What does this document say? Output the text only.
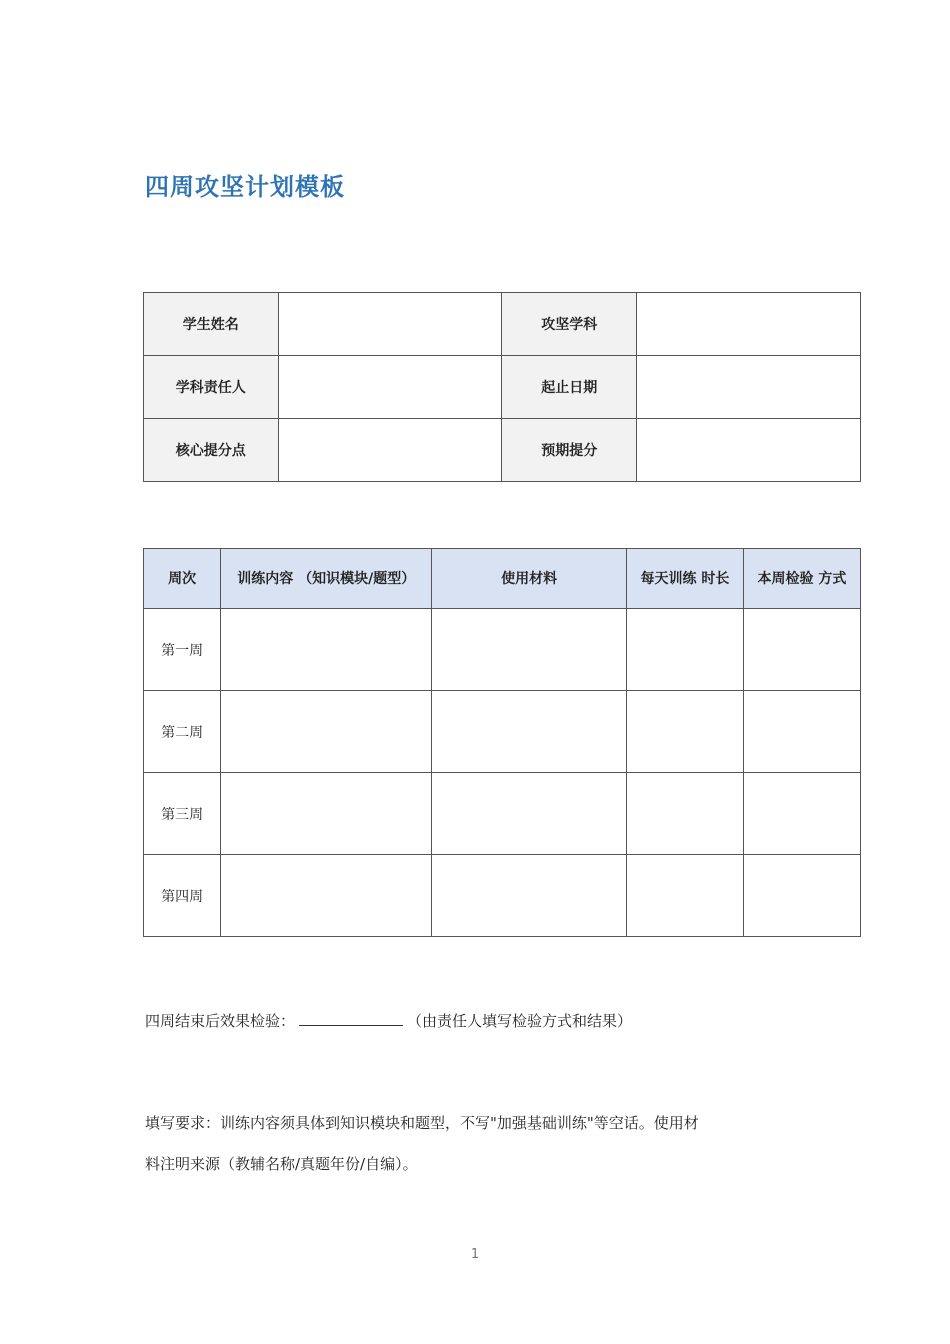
四周攻坚计划模板
学生姓名		攻坚学科	
学科责任人		起止日期	
核心提分点		预期提分	
周次	训练内容 （知识模块/题型）	使用材料	每天训练 时长	本周检验 方式
第一周				
第二周				
第三周				
第四周				
四周结束后效果检验：	（由责任人填写检验方式和结果）
填写要求：训练内容须具体到知识模块和题型，不写"加强基础训练"等空话。使用材
料注明来源（教辅名称/真题年份/自编）。
1
